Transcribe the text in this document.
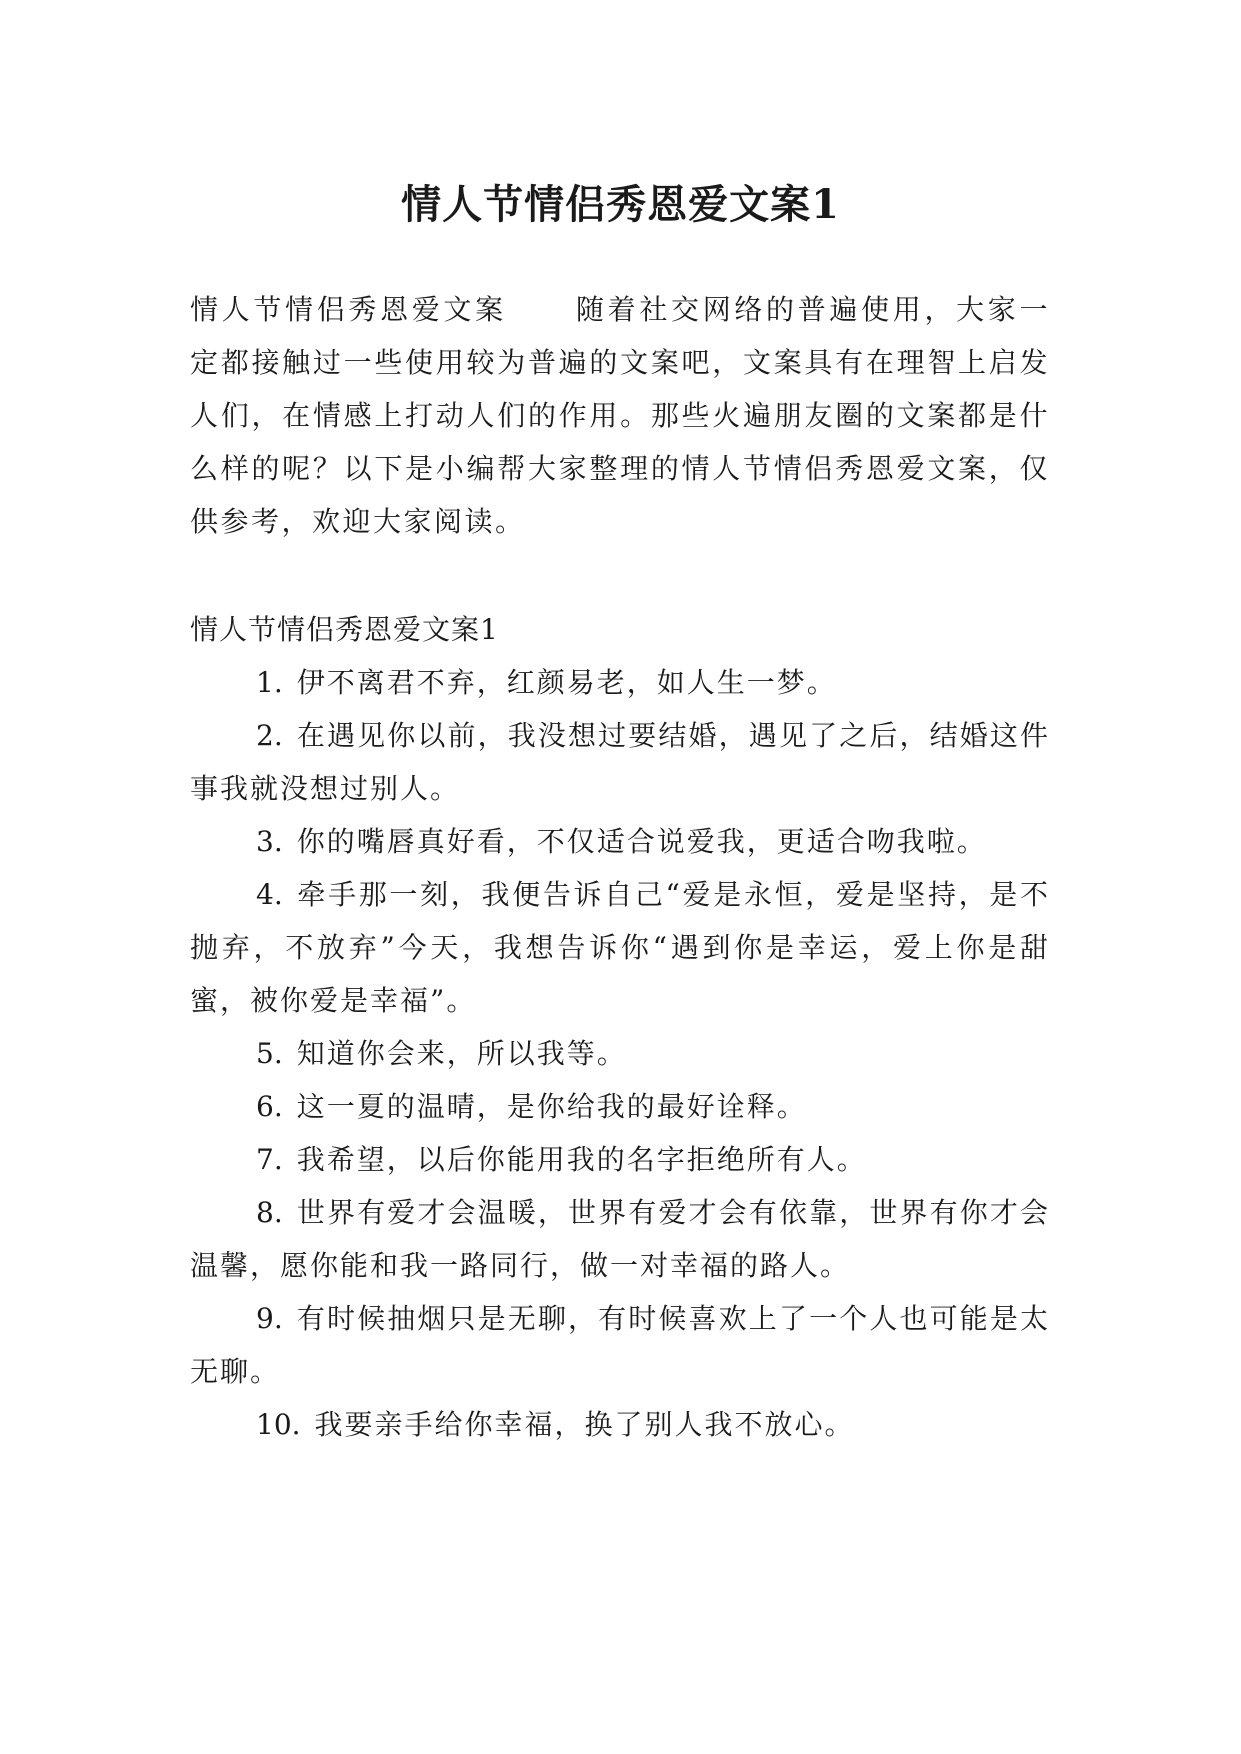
情人节情侣秀恩爱文案1

情人节情侣秀恩爱文案 随着社交网络的普遍使用，大家一定都接触过一些使用较为普遍的文案吧，文案具有在理智上启发人们，在情感上打动人们的作用。那些火遍朋友圈的文案都是什么样的呢？以下是小编帮大家整理的情人节情侣秀恩爱文案，仅供参考，欢迎大家阅读。

情人节情侣秀恩爱文案1

1. 伊不离君不弃，红颜易老，如人生一梦。

2. 在遇见你以前，我没想过要结婚，遇见了之后，结婚这件事我就没想过别人。

3. 你的嘴唇真好看，不仅适合说爱我，更适合吻我啦。

4. 牵手那一刻，我便告诉自己“爱是永恒，爱是坚持，是不抛弃，不放弃”今天，我想告诉你“遇到你是幸运，爱上你是甜蜜，被你爱是幸福”。

5. 知道你会来，所以我等。

6. 这一夏的温晴，是你给我的最好诠释。

7. 我希望，以后你能用我的名字拒绝所有人。

8. 世界有爱才会温暖，世界有爱才会有依靠，世界有你才会温馨，愿你能和我一路同行，做一对幸福的路人。

9. 有时候抽烟只是无聊，有时候喜欢上了一个人也可能是太无聊。

10. 我要亲手给你幸福，换了别人我不放心。
